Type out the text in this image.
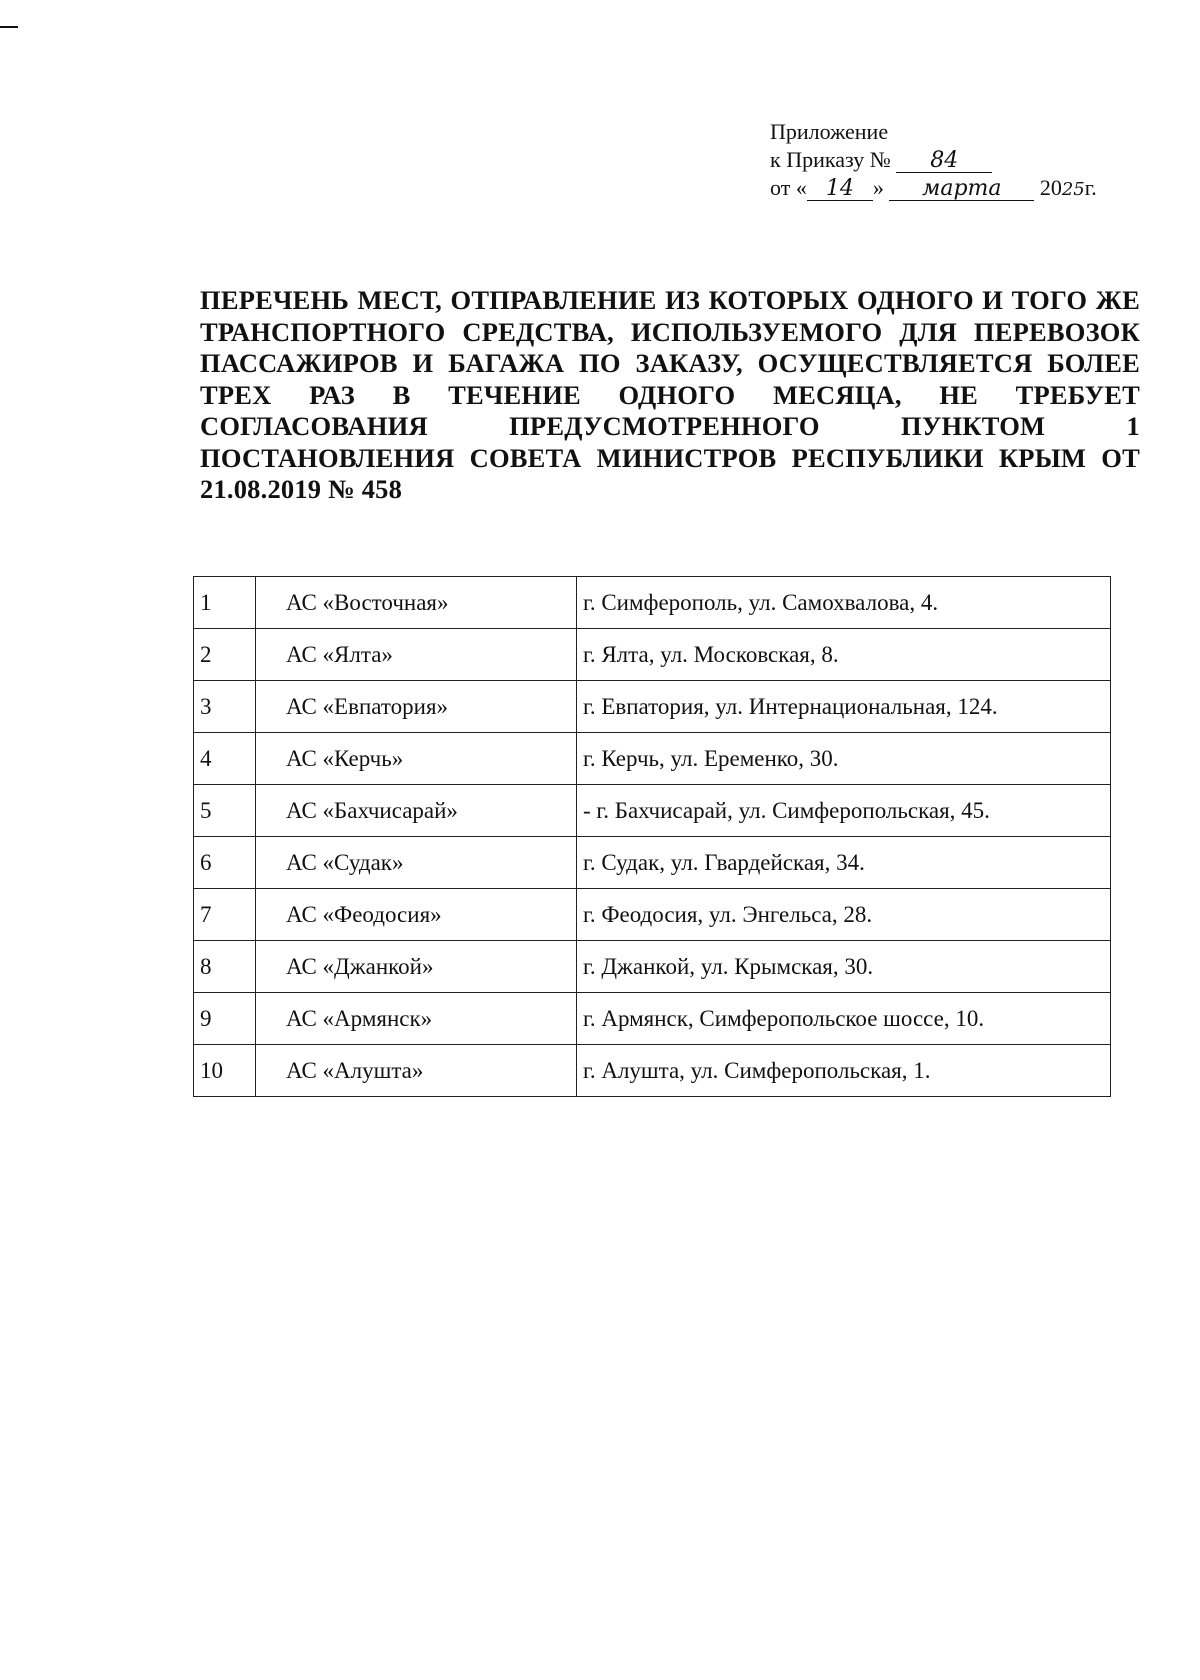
Приложение
к Приказу № 84
от « 14 » марта 2025г.
ПЕРЕЧЕНЬ МЕСТ, ОТПРАВЛЕНИЕ ИЗ КОТОРЫХ ОДНОГО И ТОГО ЖЕ ТРАНСПОРТНОГО СРЕДСТВА, ИСПОЛЬЗУЕМОГО ДЛЯ ПЕРЕВОЗОК ПАССАЖИРОВ И БАГАЖА ПО ЗАКАЗУ, ОСУЩЕСТВЛЯЕТСЯ БОЛЕЕ ТРЕХ РАЗ В ТЕЧЕНИЕ ОДНОГО МЕСЯЦА, НЕ ТРЕБУЕТ СОГЛАСОВАНИЯ ПРЕДУСМОТРЕННОГО ПУНКТОМ 1 ПОСТАНОВЛЕНИЯ СОВЕТА МИНИСТРОВ РЕСПУБЛИКИ КРЫМ ОТ 21.08.2019 № 458
1	АС «Восточная»	г. Симферополь, ул. Самохвалова, 4.
2	АС «Ялта»	г. Ялта, ул. Московская, 8.
3	АС «Евпатория»	г. Евпатория, ул. Интернациональная, 124.
4	АС «Керчь»	г. Керчь, ул. Еременко, 30.
5	АС «Бахчисарай»	- г. Бахчисарай, ул. Симферопольская, 45.
6	АС «Судак»	г. Судак, ул. Гвардейская, 34.
7	АС «Феодосия»	г. Феодосия, ул. Энгельса, 28.
8	АС «Джанкой»	г. Джанкой, ул. Крымская, 30.
9	АС «Армянск»	г. Армянск, Симферопольское шоссе, 10.
10	АС «Алушта»	г. Алушта, ул. Симферопольская, 1.
